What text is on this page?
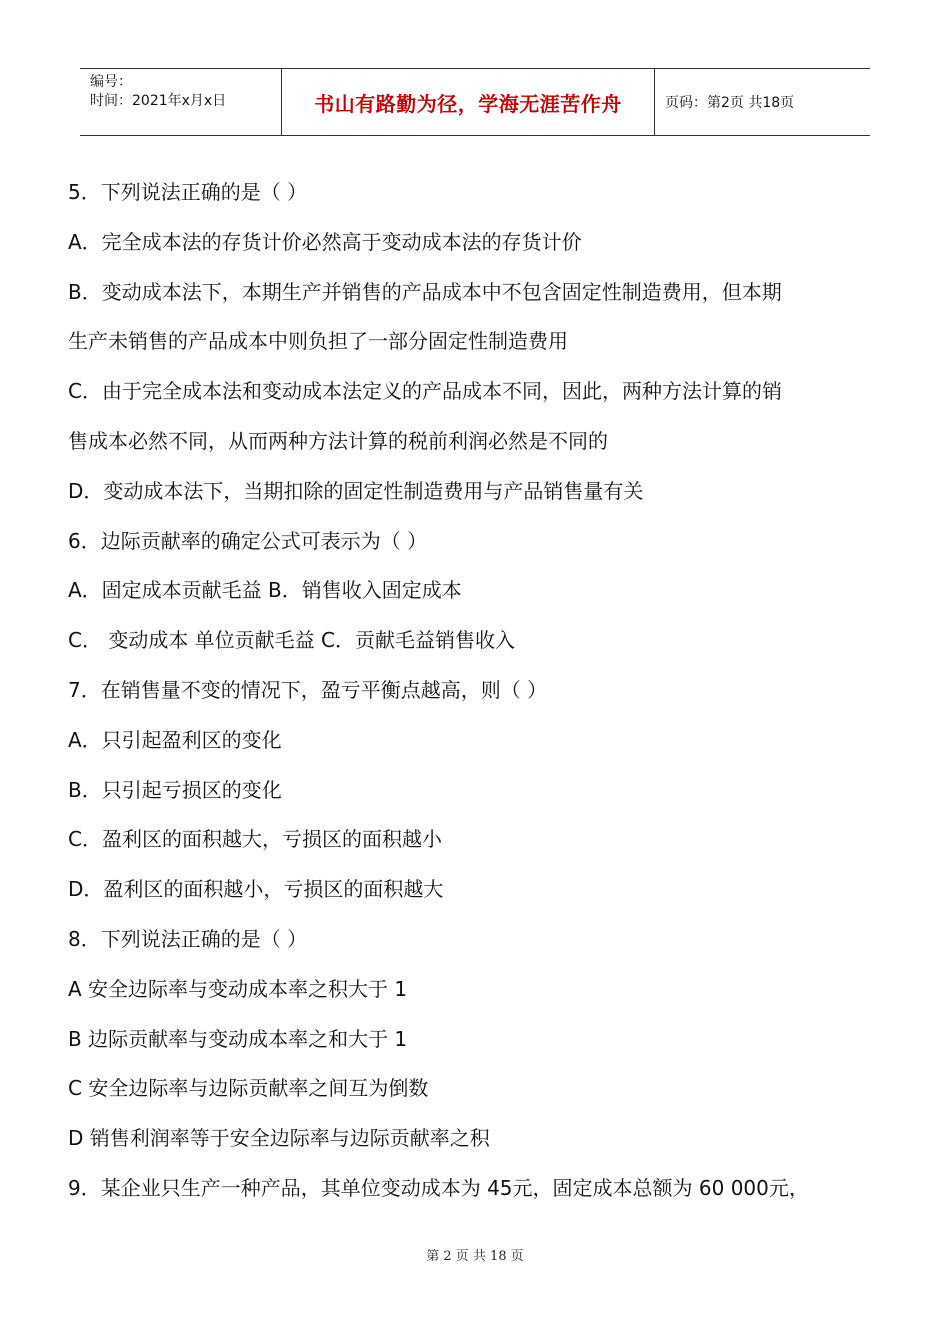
编号：
时间：2021年x月x日	书山有路勤为径，学海无涯苦作舟	页码：第2页 共18页
5．下列说法正确的是（ ）
A．完全成本法的存货计价必然高于变动成本法的存货计价
B．变动成本法下，本期生产并销售的产品成本中不包含固定性制造费用，但本期
生产未销售的产品成本中则负担了一部分固定性制造费用
C．由于完全成本法和变动成本法定义的产品成本不同，因此，两种方法计算的销
售成本必然不同，从而两种方法计算的税前利润必然是不同的
D．变动成本法下，当期扣除的固定性制造费用与产品销售量有关
6．边际贡献率的确定公式可表示为（ ）
A．固定成本贡献毛益 B．销售收入固定成本
C． 变动成本 单位贡献毛益 C．贡献毛益销售收入
7．在销售量不变的情况下，盈亏平衡点越高，则（ ）
A．只引起盈利区的变化
B．只引起亏损区的变化
C．盈利区的面积越大，亏损区的面积越小
D．盈利区的面积越小，亏损区的面积越大
8．下列说法正确的是（ ）
A 安全边际率与变动成本率之积大于 1
B 边际贡献率与变动成本率之和大于 1
C 安全边际率与边际贡献率之间互为倒数
D 销售利润率等于安全边际率与边际贡献率之积
9．某企业只生产一种产品，其单位变动成本为 45元，固定成本总额为 60 000元，
第 2 页 共 18 页
